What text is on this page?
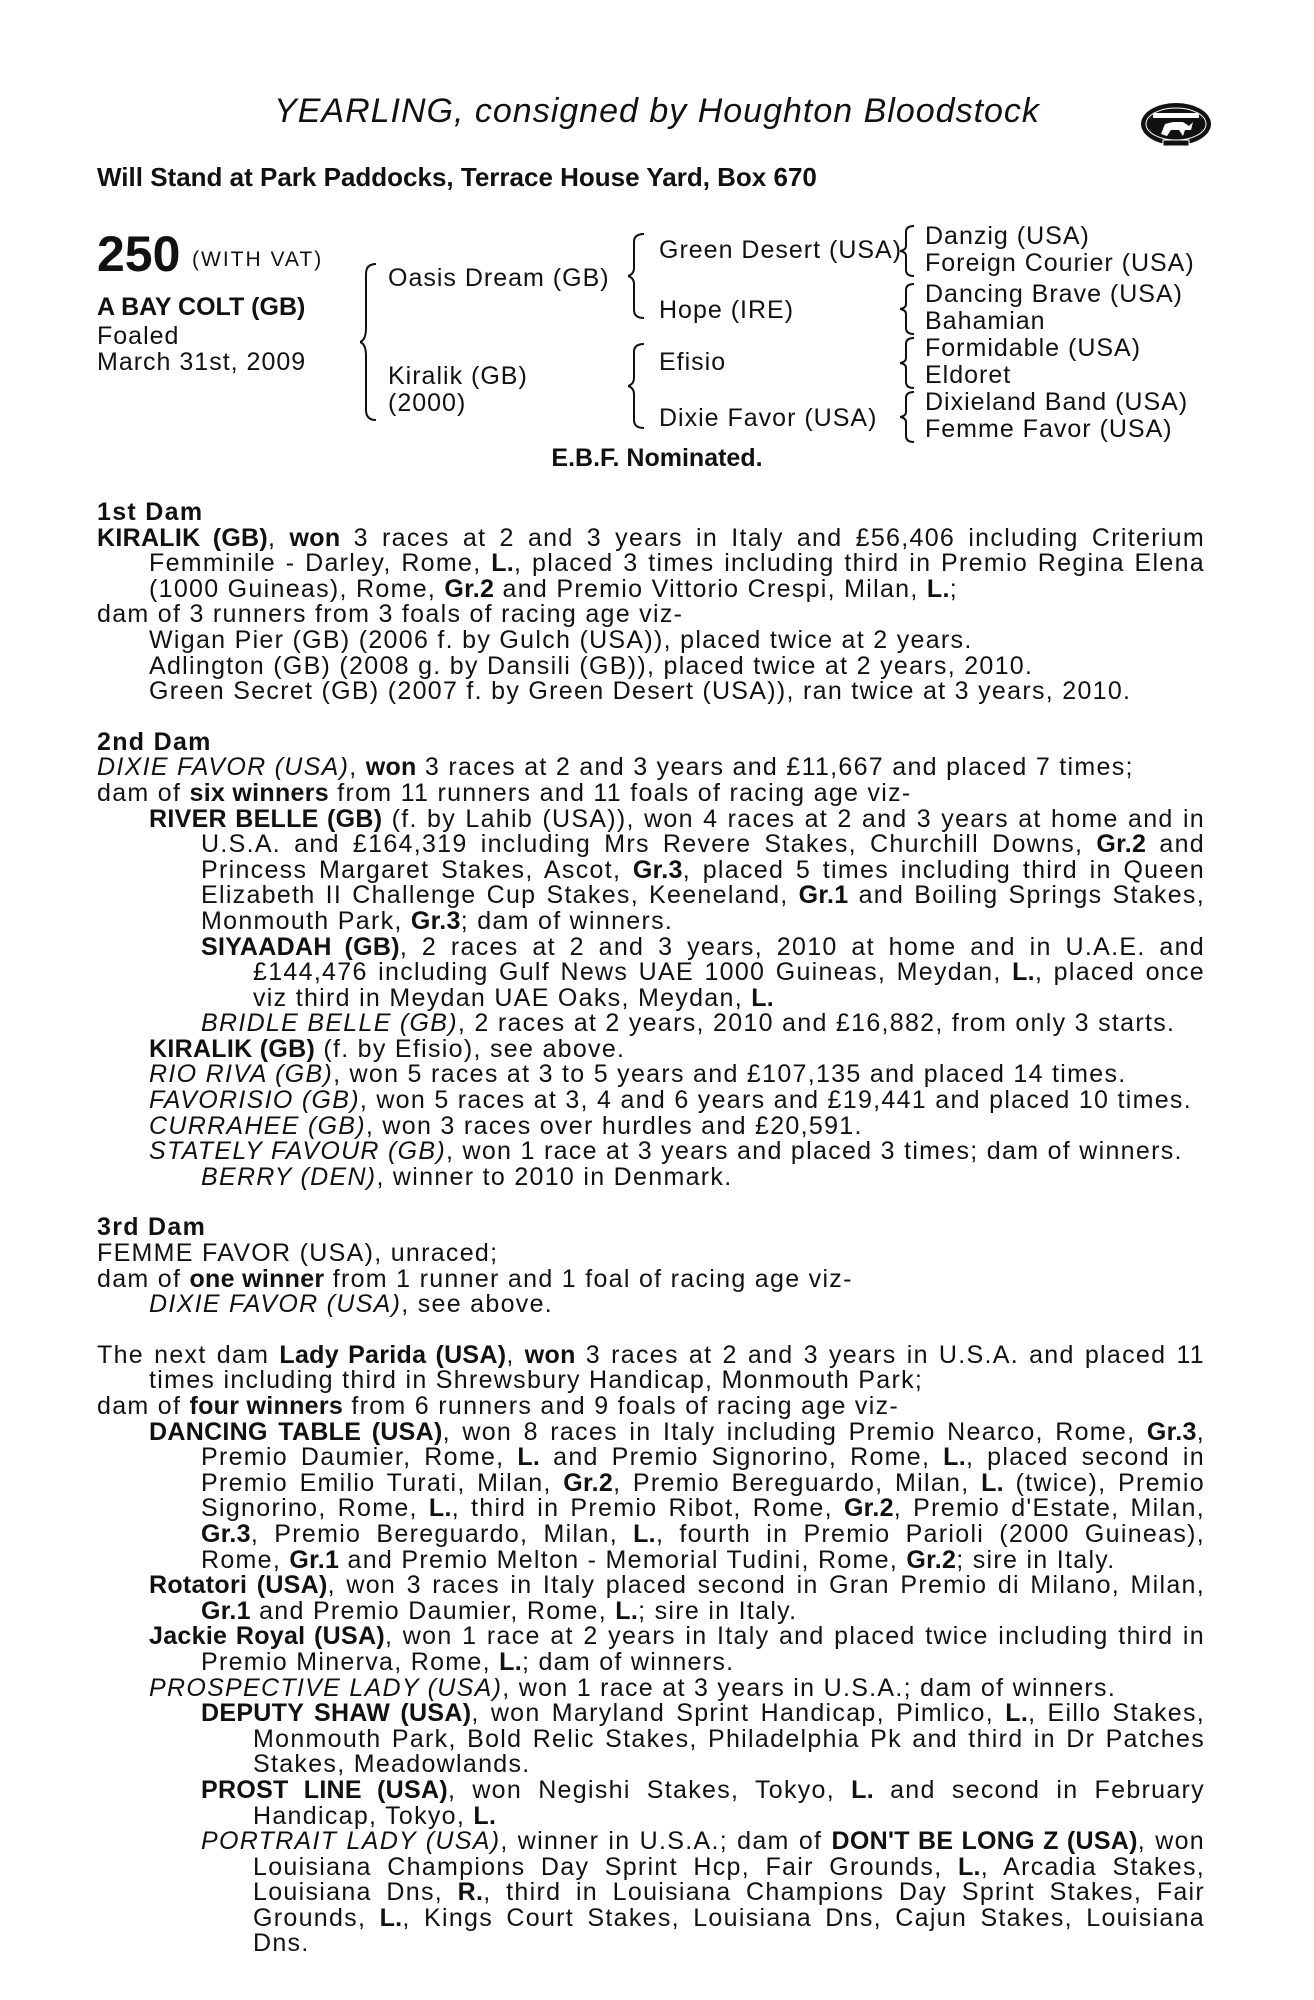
YEARLING, consigned by Houghton Bloodstock
Will Stand at Park Paddocks, Terrace House Yard, Box 670
250 (WITH VAT)
A BAY COLT (GB)
Foaled
March 31st, 2009
Oasis Dream (GB)
Kiralik (GB)
(2000)
Green Desert (USA)
Hope (IRE)
Efisio
Dixie Favor (USA)
Danzig (USA)
Foreign Courier (USA)
Dancing Brave (USA)
Bahamian
Formidable (USA)
Eldoret
Dixieland Band (USA)
Femme Favor (USA)
E.B.F. Nominated.
1st Dam
KIRALIK (GB), won 3 races at 2 and 3 years in Italy and £56,406 including Criterium Femminile - Darley, Rome, L., placed 3 times including third in Premio Regina Elena (1000 Guineas), Rome, Gr.2 and Premio Vittorio Crespi, Milan, L.;
dam of 3 runners from 3 foals of racing age viz-
Wigan Pier (GB) (2006 f. by Gulch (USA)), placed twice at 2 years.
Adlington (GB) (2008 g. by Dansili (GB)), placed twice at 2 years, 2010.
Green Secret (GB) (2007 f. by Green Desert (USA)), ran twice at 3 years, 2010.
2nd Dam
DIXIE FAVOR (USA), won 3 races at 2 and 3 years and £11,667 and placed 7 times;
dam of six winners from 11 runners and 11 foals of racing age viz-
RIVER BELLE (GB) (f. by Lahib (USA)), won 4 races at 2 and 3 years at home and in U.S.A. and £164,319 including Mrs Revere Stakes, Churchill Downs, Gr.2 and Princess Margaret Stakes, Ascot, Gr.3, placed 5 times including third in Queen Elizabeth II Challenge Cup Stakes, Keeneland, Gr.1 and Boiling Springs Stakes, Monmouth Park, Gr.3; dam of winners.
SIYAADAH (GB), 2 races at 2 and 3 years, 2010 at home and in U.A.E. and £144,476 including Gulf News UAE 1000 Guineas, Meydan, L., placed once viz third in Meydan UAE Oaks, Meydan, L.
BRIDLE BELLE (GB), 2 races at 2 years, 2010 and £16,882, from only 3 starts.
KIRALIK (GB) (f. by Efisio), see above.
RIO RIVA (GB), won 5 races at 3 to 5 years and £107,135 and placed 14 times.
FAVORISIO (GB), won 5 races at 3, 4 and 6 years and £19,441 and placed 10 times.
CURRAHEE (GB), won 3 races over hurdles and £20,591.
STATELY FAVOUR (GB), won 1 race at 3 years and placed 3 times; dam of winners.
BERRY (DEN), winner to 2010 in Denmark.
3rd Dam
FEMME FAVOR (USA), unraced;
dam of one winner from 1 runner and 1 foal of racing age viz-
DIXIE FAVOR (USA), see above.
The next dam Lady Parida (USA), won 3 races at 2 and 3 years in U.S.A. and placed 11 times including third in Shrewsbury Handicap, Monmouth Park;
dam of four winners from 6 runners and 9 foals of racing age viz-
DANCING TABLE (USA), won 8 races in Italy including Premio Nearco, Rome, Gr.3, Premio Daumier, Rome, L. and Premio Signorino, Rome, L., placed second in Premio Emilio Turati, Milan, Gr.2, Premio Bereguardo, Milan, L. (twice), Premio Signorino, Rome, L., third in Premio Ribot, Rome, Gr.2, Premio d'Estate, Milan, Gr.3, Premio Bereguardo, Milan, L., fourth in Premio Parioli (2000 Guineas), Rome, Gr.1 and Premio Melton - Memorial Tudini, Rome, Gr.2; sire in Italy.
Rotatori (USA), won 3 races in Italy placed second in Gran Premio di Milano, Milan, Gr.1 and Premio Daumier, Rome, L.; sire in Italy.
Jackie Royal (USA), won 1 race at 2 years in Italy and placed twice including third in Premio Minerva, Rome, L.; dam of winners.
PROSPECTIVE LADY (USA), won 1 race at 3 years in U.S.A.; dam of winners.
DEPUTY SHAW (USA), won Maryland Sprint Handicap, Pimlico, L., Eillo Stakes, Monmouth Park, Bold Relic Stakes, Philadelphia Pk and third in Dr Patches Stakes, Meadowlands.
PROST LINE (USA), won Negishi Stakes, Tokyo, L. and second in February Handicap, Tokyo, L.
PORTRAIT LADY (USA), winner in U.S.A.; dam of DON'T BE LONG Z (USA), won Louisiana Champions Day Sprint Hcp, Fair Grounds, L., Arcadia Stakes, Louisiana Dns, R., third in Louisiana Champions Day Sprint Stakes, Fair Grounds, L., Kings Court Stakes, Louisiana Dns, Cajun Stakes, Louisiana Dns.
